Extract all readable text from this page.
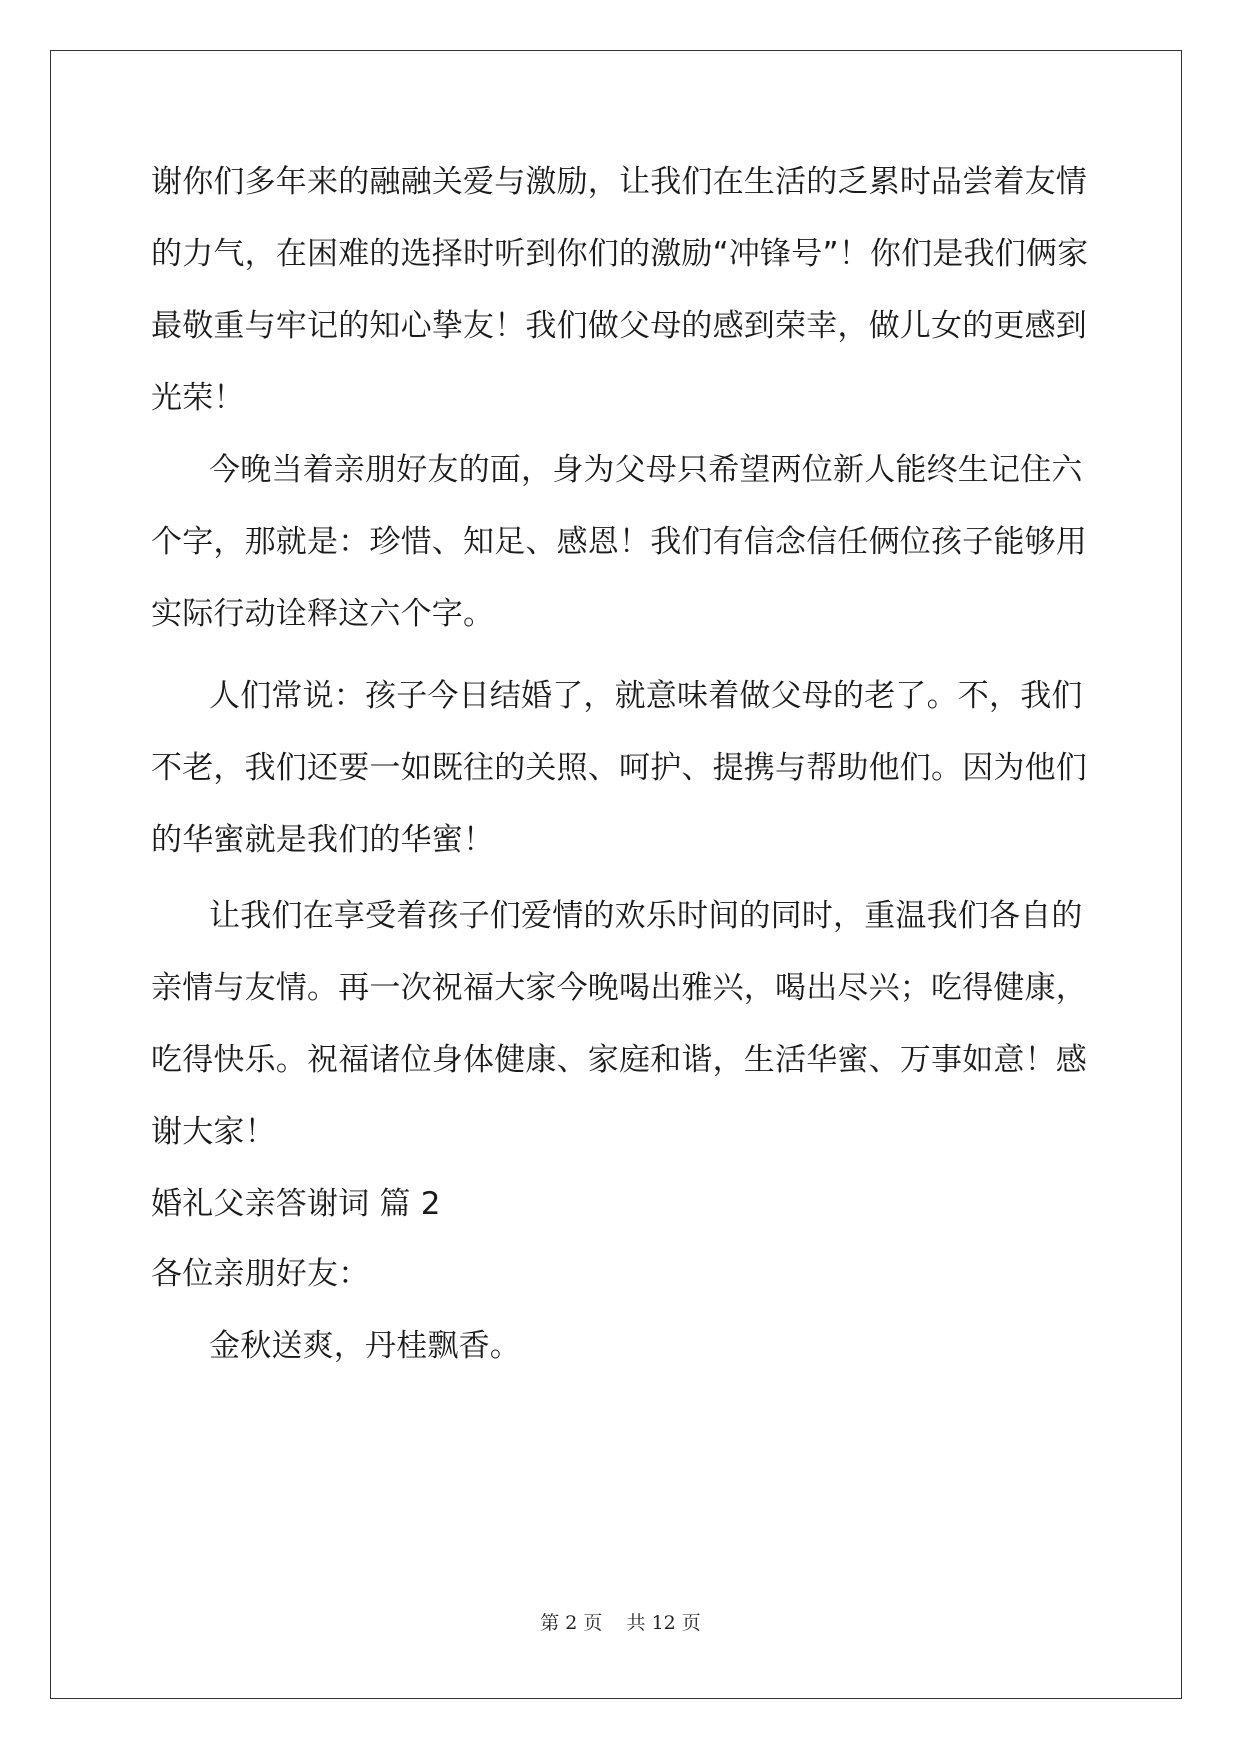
谢你们多年来的融融关爱与激励，让我们在生活的乏累时品尝着友情
的力气，在困难的选择时听到你们的激励“冲锋号”！你们是我们俩家
最敬重与牢记的知心挚友！我们做父母的感到荣幸，做儿女的更感到
光荣！
今晚当着亲朋好友的面，身为父母只希望两位新人能终生记住六
个字，那就是：珍惜、知足、感恩！我们有信念信任俩位孩子能够用
实际行动诠释这六个字。
人们常说：孩子今日结婚了，就意味着做父母的老了。不，我们
不老，我们还要一如既往的关照、呵护、提携与帮助他们。因为他们
的华蜜就是我们的华蜜！
让我们在享受着孩子们爱情的欢乐时间的同时，重温我们各自的
亲情与友情。再一次祝福大家今晚喝出雅兴，喝出尽兴；吃得健康，
吃得快乐。祝福诸位身体健康、家庭和谐，生活华蜜、万事如意！感
谢大家！
婚礼父亲答谢词 篇 2
各位亲朋好友：
金秋送爽，丹桂飘香。
第 2 页    共 12 页
